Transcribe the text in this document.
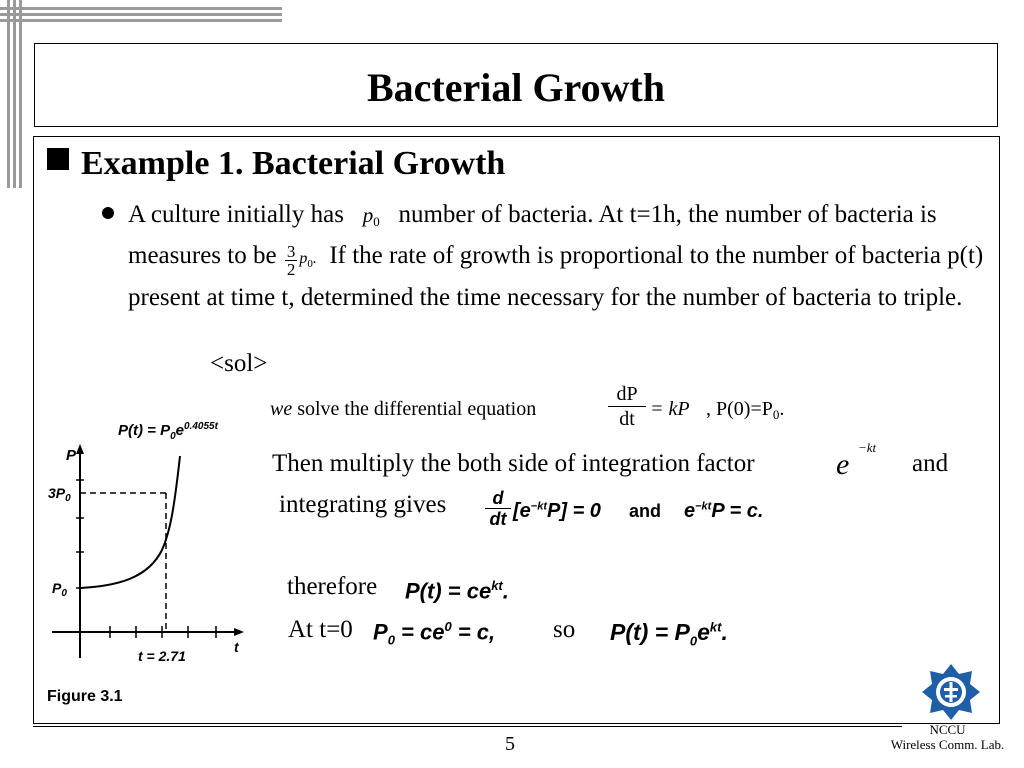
Bacterial Growth
Example 1. Bacterial Growth
A culture initially has $p_0$ number of bacteria. At t=1h, the number of bacteria is measures to be $\frac{3}{2} p_0$. If the rate of growth is proportional to the number of bacteria p(t) present at time t, determined the time necessary for the number of bacteria to triple.
<sol>
we solve the differential equation
dP
dt = kP , $P(0)=P_0$.
Then multiply the both side of integration factor	e
−kt
and
integrating gives	d
dt $[e^{-kt}P] = 0$ and $e^{-kt}P = c$.
therefore $P(t) = ce^{kt}$.
At t=0 $P_0 = ce^0 = c$, so $P(t) = P_0e^{kt}$.
$P(t) = P_0e^{0.4055t}$
P
$3P_0$
$P_0$
t
t = 2.71
Figure 3.1
5
NCCU
Wireless Comm. Lab.
